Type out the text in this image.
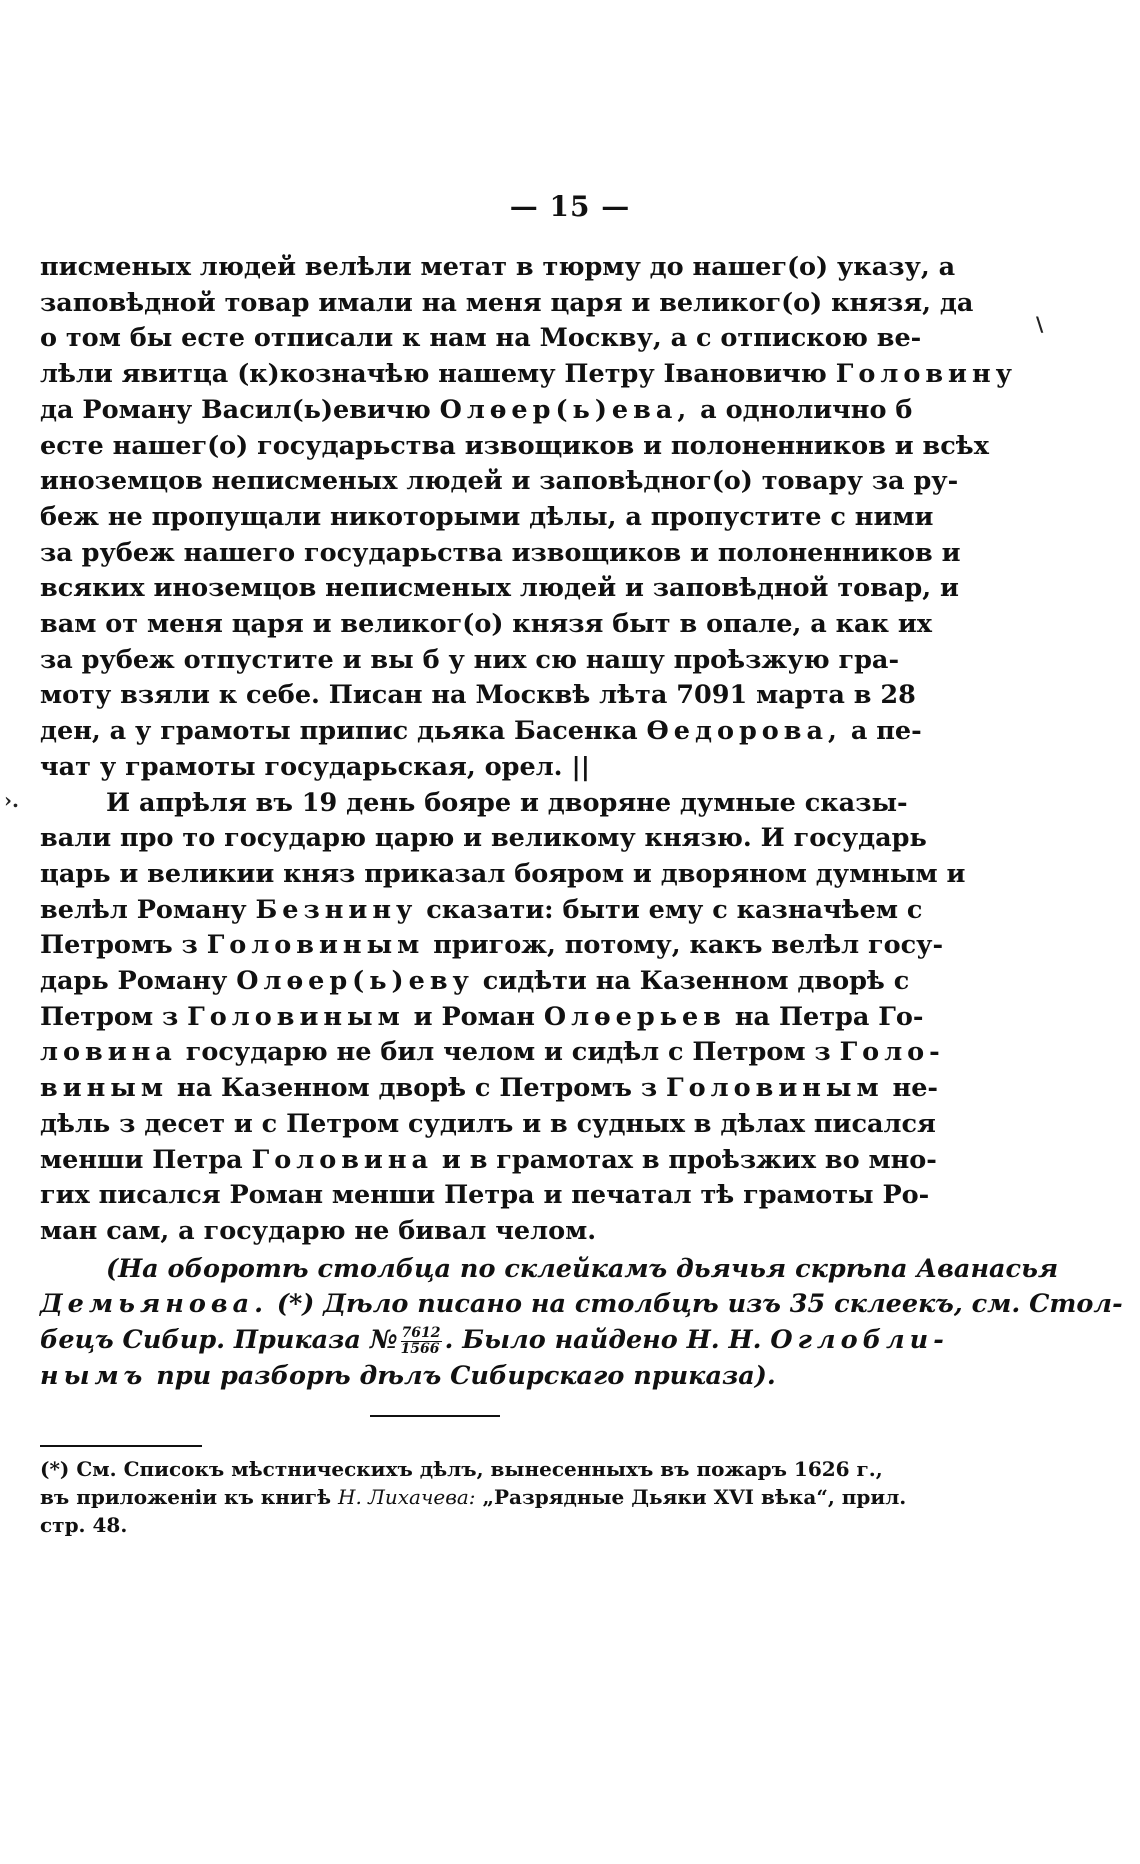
— 15 —
\
›.
писменых людей велѣли метат в тюрму до нашег(о) указу, а
заповѣдной товар имали на меня царя и великог(о) князя, да
о том бы есте отписали к нам на Москву, а с отпискою ве-
лѣли явитца (к)козначѣю нашему Петру Івановичю Головину
да Роману Васил(ь)евичю Олѳер(ь)ева, а однолично б
есте нашег(о) государьства извощиков и полоненников и всѣх
иноземцов неписменых людей и заповѣдног(о) товару за ру-
беж не пропущали никоторыми дѣлы, а пропустите с ними
за рубеж нашего государьства извощиков и полоненников и
всяких иноземцов неписменых людей и заповѣдной товар, и
вам от меня царя и великог(о) князя быт в опале, а как их
за рубеж отпустите и вы б у них сю нашу проѣзжую гра-
моту взяли к себе. Писан на Москвѣ лѣта 7091 марта в 28
ден, а у грамоты припис дьяка Басенка Ѳедорова, а пе-
чат у грамоты государьская, орел. ||
И апрѣля въ 19 день бояре и дворяне думные сказы-
вали про то государю царю и великому князю. И государь
царь и великии княз приказал бояром и дворяном думным и
велѣл Роману Безнину сказати: быти ему с казначѣем с
Петромъ з Головиным пригож, потому, какъ велѣл госу-
дарь Роману Олѳер(ь)еву сидѣти на Казенном дворѣ с
Петром з Головиным и Роман Олѳерьев на Петра Го-
ловина государю не бил челом и сидѣл с Петром з Голо-
виным на Казенном дворѣ с Петромъ з Головиным не-
дѣль з десет и с Петром судилъ и в судных в дѣлах писался
менши Петра Головина и в грамотах в проѣзжих во мно-
гих писался Роман менши Петра и печатал тѣ грамоты Ро-
ман сам, а государю не бивал челом.
(На оборотѣ столбца по склейкамъ дьячья скрѣпа Аванасья
Демьянова. (*) Дѣло писано на столбцѣ изъ 35 склеекъ, см. Стол-
бецъ Сибир. Приказа № $\frac{7612}{1566}$ . Было найдено Н. Н. Оглобли-
нымъ при разборѣ дѣлъ Сибирскаго приказа).
(*) См. Списокъ мѣстническихъ дѣлъ, вынесенныхъ въ пожаръ 1626 г.,
въ приложеніи къ книгѣ Н. Лихачева: „Разрядные Дьяки XVI вѣка“, прил.
стр. 48.
